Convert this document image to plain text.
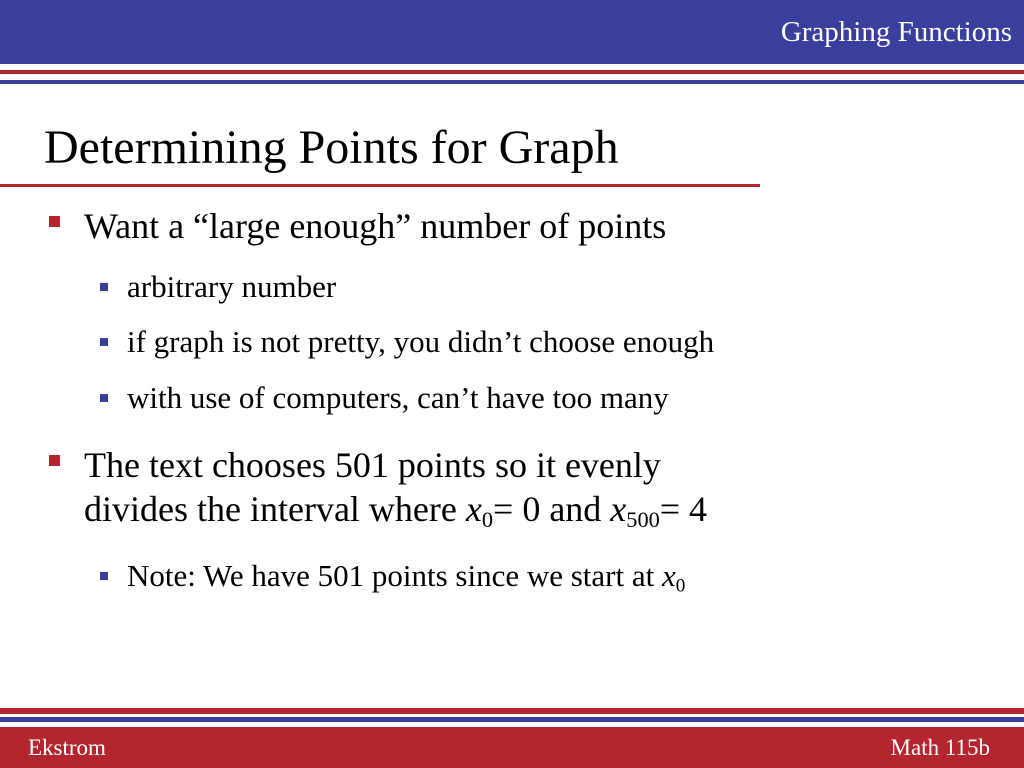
Graphing Functions
Determining Points for Graph
Want a “large enough” number of points
arbitrary number
if graph is not pretty, you didn’t choose enough
with use of computers, can’t have too many
The text chooses 501 points so it evenly
divides the interval where $x_0= 0$ and $x_{500}= 4$
Note: We have 501 points since we start at $x_0$
Ekstrom	Math 115b
